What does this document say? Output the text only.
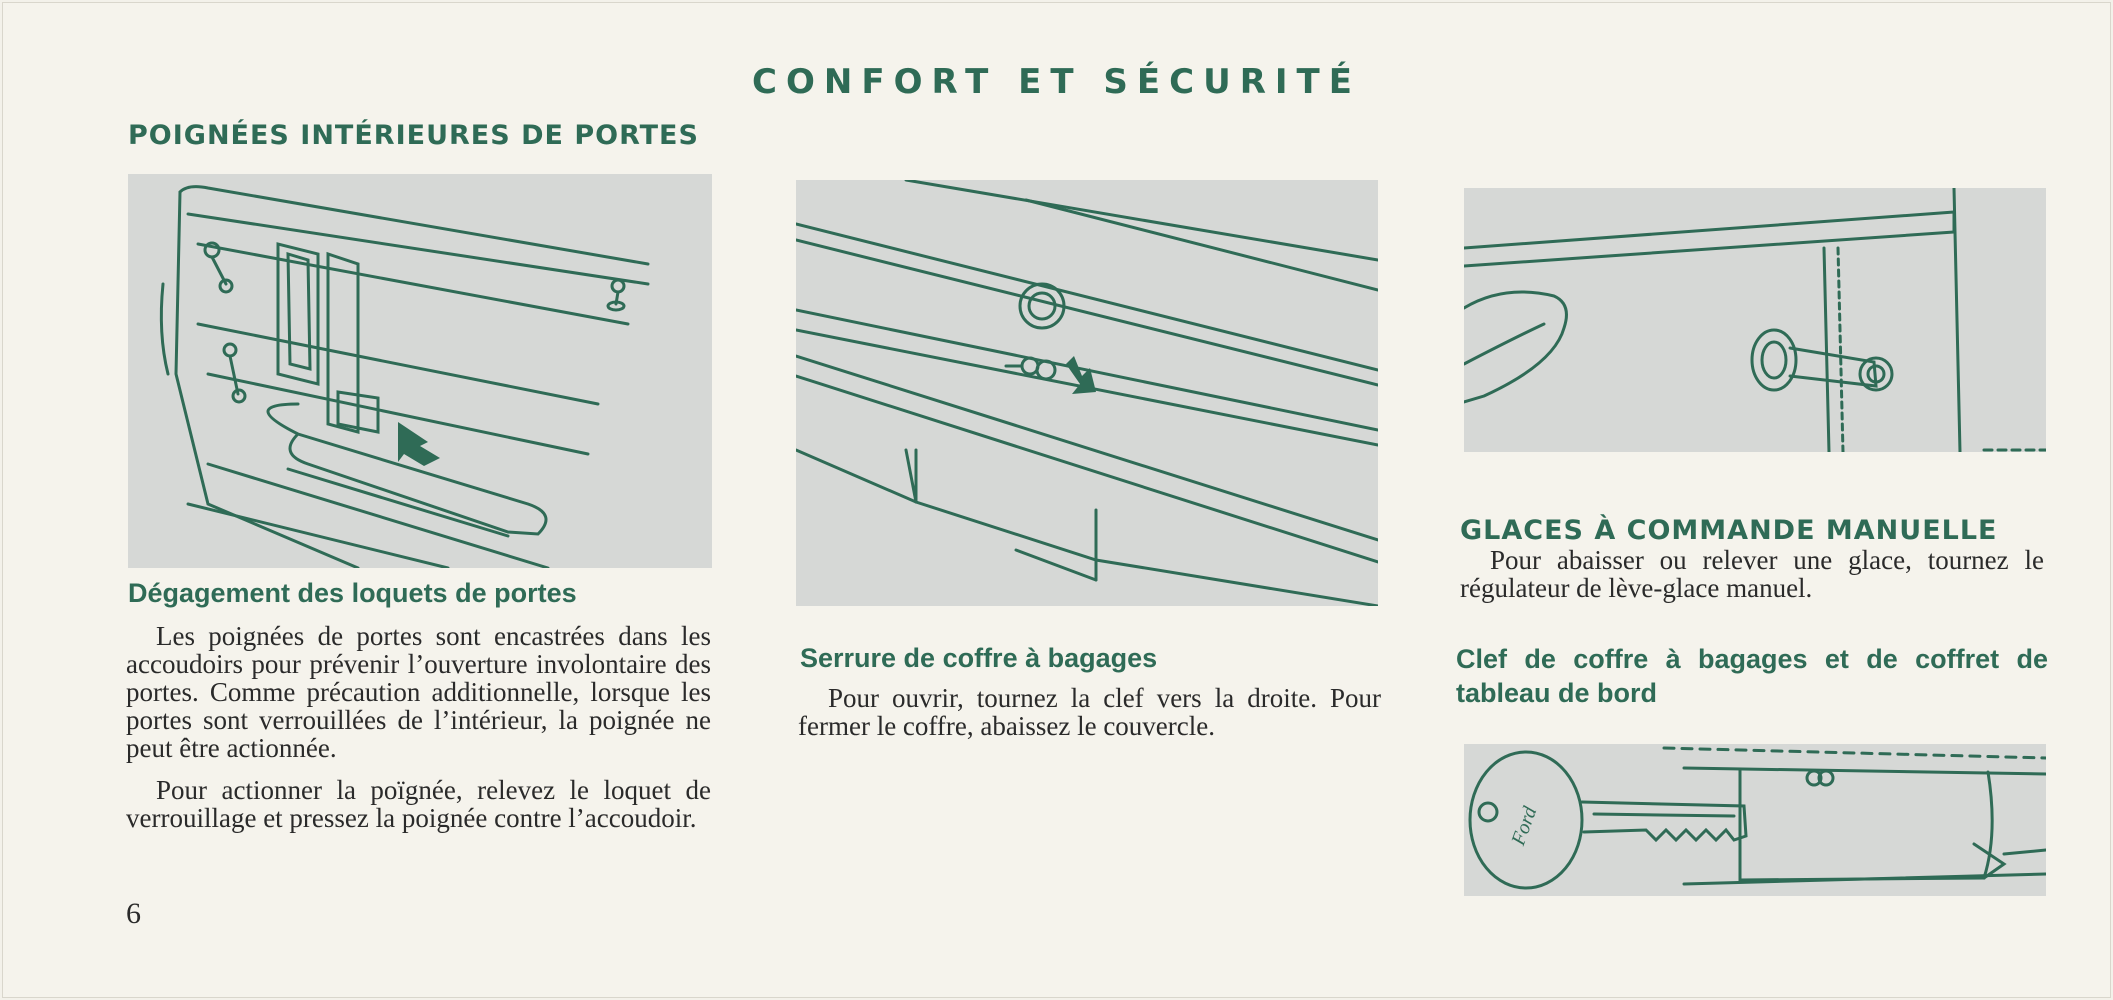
CONFORT ET SÉCURITÉ
POIGNÉES INTÉRIEURES DE PORTES
Dégagement des loquets de portes

Les poignées de portes sont encastrées dans les accoudoirs pour prévenir l’ouverture involontaire des portes. Comme précaution additionnelle, lorsque les portes sont verrouillées de l’intérieur, la poignée ne peut être actionnée.

Pour actionner la poïgnée, relevez le loquet de verrouillage et pressez la poignée contre l’accoudoir.

6
Serrure de coffre à bagages

Pour ouvrir, tournez la clef vers la droite. Pour fermer le coffre, abaissez le couvercle.

GLACES À COMMANDE MANUELLE

Pour abaisser ou relever une glace, tournez le régulateur de lève-glace manuel.

Clef de coffre à bagages et de coffret de tableau de bord
Ford
